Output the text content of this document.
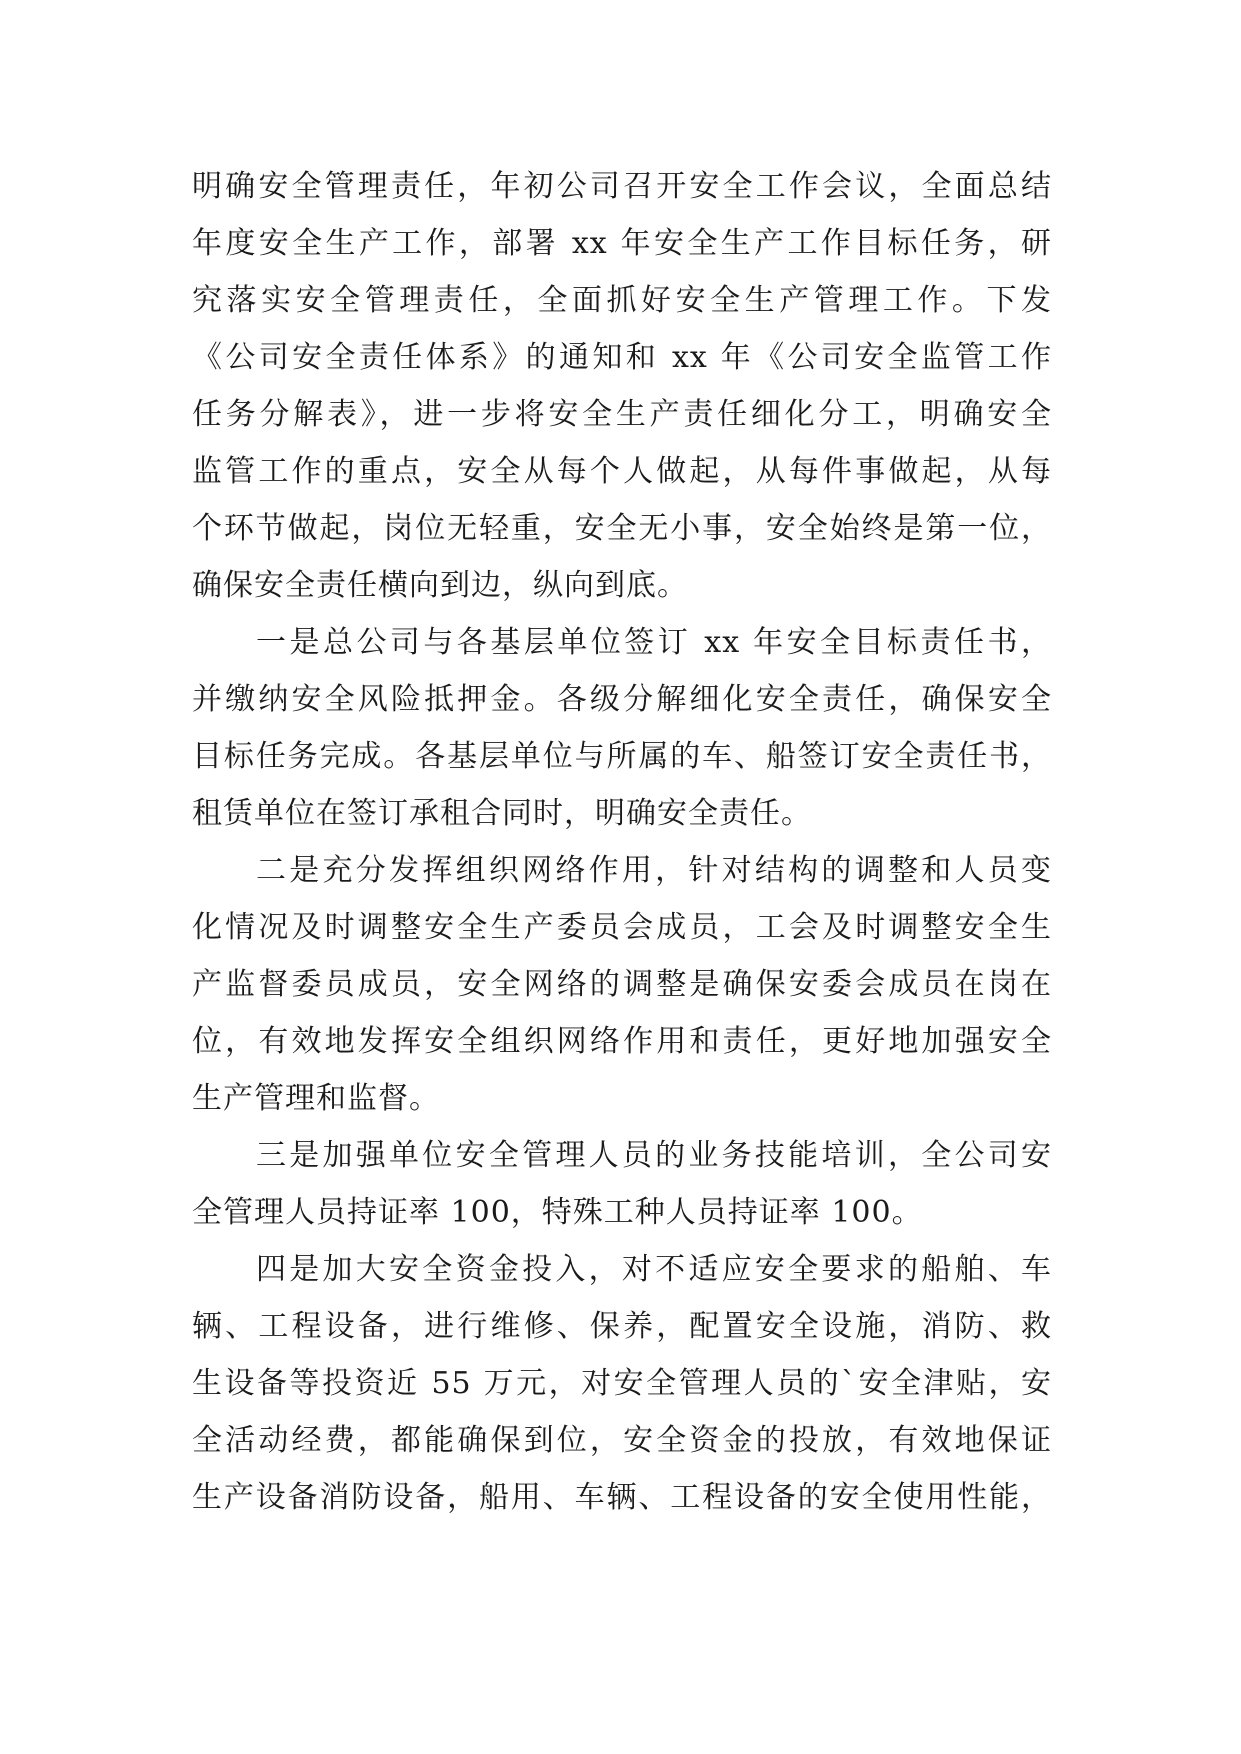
明确安全管理责任，年初公司召开安全工作会议，全面总结
年度安全生产工作，部署 xx 年安全生产工作目标任务，研
究落实安全管理责任，全面抓好安全生产管理工作。下发
《公司安全责任体系》的通知和 xx 年《公司安全监管工作
任务分解表》，进一步将安全生产责任细化分工，明确安全
监管工作的重点，安全从每个人做起，从每件事做起，从每
个环节做起，岗位无轻重，安全无小事，安全始终是第一位，
确保安全责任横向到边，纵向到底。
一是总公司与各基层单位签订 xx 年安全目标责任书，
并缴纳安全风险抵押金。各级分解细化安全责任，确保安全
目标任务完成。各基层单位与所属的车、船签订安全责任书，
租赁单位在签订承租合同时，明确安全责任。
二是充分发挥组织网络作用，针对结构的调整和人员变
化情况及时调整安全生产委员会成员，工会及时调整安全生
产监督委员成员，安全网络的调整是确保安委会成员在岗在
位，有效地发挥安全组织网络作用和责任，更好地加强安全
生产管理和监督。
三是加强单位安全管理人员的业务技能培训，全公司安
全管理人员持证率 100，特殊工种人员持证率 100。
四是加大安全资金投入，对不适应安全要求的船舶、车
辆、工程设备，进行维修、保养，配置安全设施，消防、救
生设备等投资近 55 万元，对安全管理人员的`安全津贴，安
全活动经费，都能确保到位，安全资金的投放，有效地保证
生产设备消防设备，船用、车辆、工程设备的安全使用性能，
